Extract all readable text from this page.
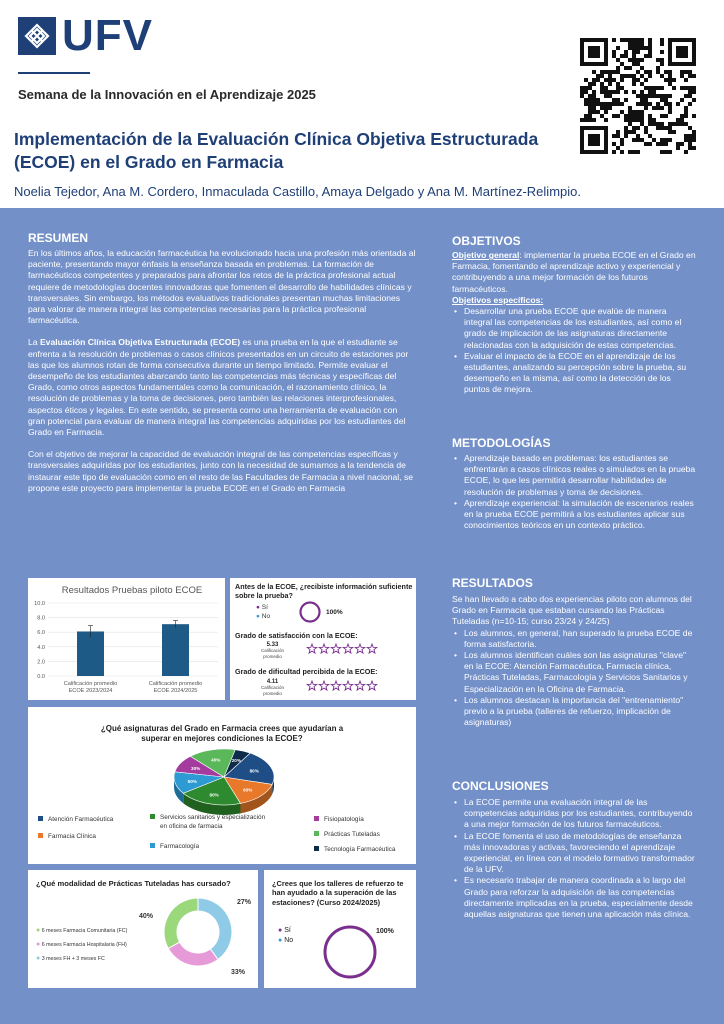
UFV
Semana de la Innovación en el Aprendizaje 2025
Implementación de la Evaluación Clínica Objetiva Estructurada
(ECOE) en el Grado en Farmacia
Noelia Tejedor, Ana M. Cordero, Inmaculada Castillo, Amaya Delgado y Ana M. Martínez-Relimpio.
RESUMEN

En los últimos años, la educación farmacéutica ha evolucionado hacia una profesión más orientada al paciente, presentando mayor énfasis la enseñanza basada en problemas. La formación de farmacéuticos competentes y preparados para afrontar los retos de la práctica profesional actual requiere de metodologías docentes innovadoras que fomenten el desarrollo de habilidades clínicas y transversales. Sin embargo, los métodos evaluativos tradicionales presentan muchas limitaciones para valorar de manera integral las competencias necesarias para la práctica profesional farmacéutica.

La Evaluación Clínica Objetiva Estructurada (ECOE) es una prueba en la que el estudiante se enfrenta a la resolución de problemas o casos clínicos presentados en un circuito de estaciones por las que los alumnos rotan de forma consecutiva durante un tiempo limitado. Permite evaluar el desempeño de los estudiantes abarcando tanto las competencias más técnicas y específicas del Grado, como otros aspectos fundamentales como la comunicación, el razonamiento clínico, la resolución de problemas y la toma de decisiones, pero también las relaciones interprofesionales, aspectos éticos y legales. En este sentido, se presenta como una herramienta de evaluación con gran potencial para evaluar de manera integral las competencias adquiridas por los estudiantes del Grado en Farmacia.

Con el objetivo de mejorar la capacidad de evaluación integral de las competencias específicas y transversales adquiridas por los estudiantes, junto con la necesidad de sumarnos a la tendencia de instaurar este tipo de evaluación como en el resto de las Facultades de Farmacia a nivel nacional, se propone este proyecto para implementar la prueba ECOE en el Grado en Farmacia

OBJETIVOS
Objetivo general: implementar la prueba ECOE en el Grado en Farmacia, fomentando el aprendizaje activo y experiencial y contribuyendo a una mejor formación de los futuros farmacéuticos.
Objetivos específicos:
• Desarrollar una prueba ECOE que evalúe de manera integral las competencias de los estudiantes, así como el grado de implicación de las asignaturas directamente relacionadas con la adquisición de estas competencias.
• Evaluar el impacto de la ECOE en el aprendizaje de los estudiantes, analizando su percepción sobre la prueba, su desempeño en la misma, así como la detección de los puntos de mejora.
METODOLOGÍAS
• Aprendizaje basado en problemas: los estudiantes se enfrentarán a casos clínicos reales o simulados en la prueba ECOE, lo que les permitirá desarrollar habilidades de resolución de problemas y toma de decisiones.
• Aprendizaje experiencial: la simulación de escenarios reales en la prueba ECOE permitirá a los estudiantes aplicar sus conocimientos teóricos en un contexto práctico.
RESULTADOS
Se han llevado a cabo dos experiencias piloto con alumnos del Grado en Farmacia que estaban cursando las Prácticas Tuteladas (n=10-15; curso 23/24 y 24/25)
• Los alumnos, en general, han superado la prueba ECOE de forma satisfactoria.
• Los alumnos identifican cuáles son las asignaturas "clave" en la ECOE: Atención Farmacéutica, Farmacia clínica, Prácticas Tuteladas, Farmacología y Servicios Sanitarios y Especialización en la Oficina de Farmacia.
• Los alumnos destacan la importancia del "entrenamiento" previo a la prueba (talleres de refuerzo, implicación de asignaturas)
CONCLUSIONES
• La ECOE permite una evaluación integral de las competencias adquiridas por los estudiantes, contribuyendo a una mejor formación de los futuros farmacéuticos.
• La ECOE fomenta el uso de metodologías de enseñanza más innovadoras y activas, favoreciendo el aprendizaje experiencial, en línea con el modelo formativo transformador de la UFV.
• Es necesario trabajar de manera coordinada a lo largo del Grado para reforzar la adquisición de las competencias directamente implicadas en la prueba, especialmente desde aquellas asignaturas que tienen una aplicación más clínica.
Resultados Pruebas piloto ECOE
0.0
2.0
4.0
6.0
8.0
10.0
Calificación promedio
ECOE 2023/2024
Calificación promedio
ECOE 2024/2025
Antes de la ECOE, ¿recibiste información suficiente sobre la prueba?
● Sí
● No
100%
Grado de satisfacción con la ECOE:
5.33
Calificación
promedio
Grado de dificultad percibida de la ECOE:
4.11
Calificación
promedio
¿Qué asignaturas del Grado en Farmacia crees que ayudarían a superar en mejores condiciones la ECOE?
80%
60%
80%
50%
30%
40% 20%
Atención Farmacéutica
Farmacia Clínica
Servicios sanitarios y especialización
en oficina de farmacia
Farmacología
Fisiopatología
Prácticas Tuteladas
Tecnología Farmacéutica
¿Qué modalidad de Prácticas Tuteladas has cursado?
● 6 meses Farmacia Comunitaria (FC)
● 6 meses Farmacia Hospitalaria (FH)
● 3 meses FH + 3 meses FC
40%
27%
33%
¿Crees que los talleres de refuerzo te han ayudado a la superación de las estaciones? (Curso 2024/2025)
● Sí
● No
100%
